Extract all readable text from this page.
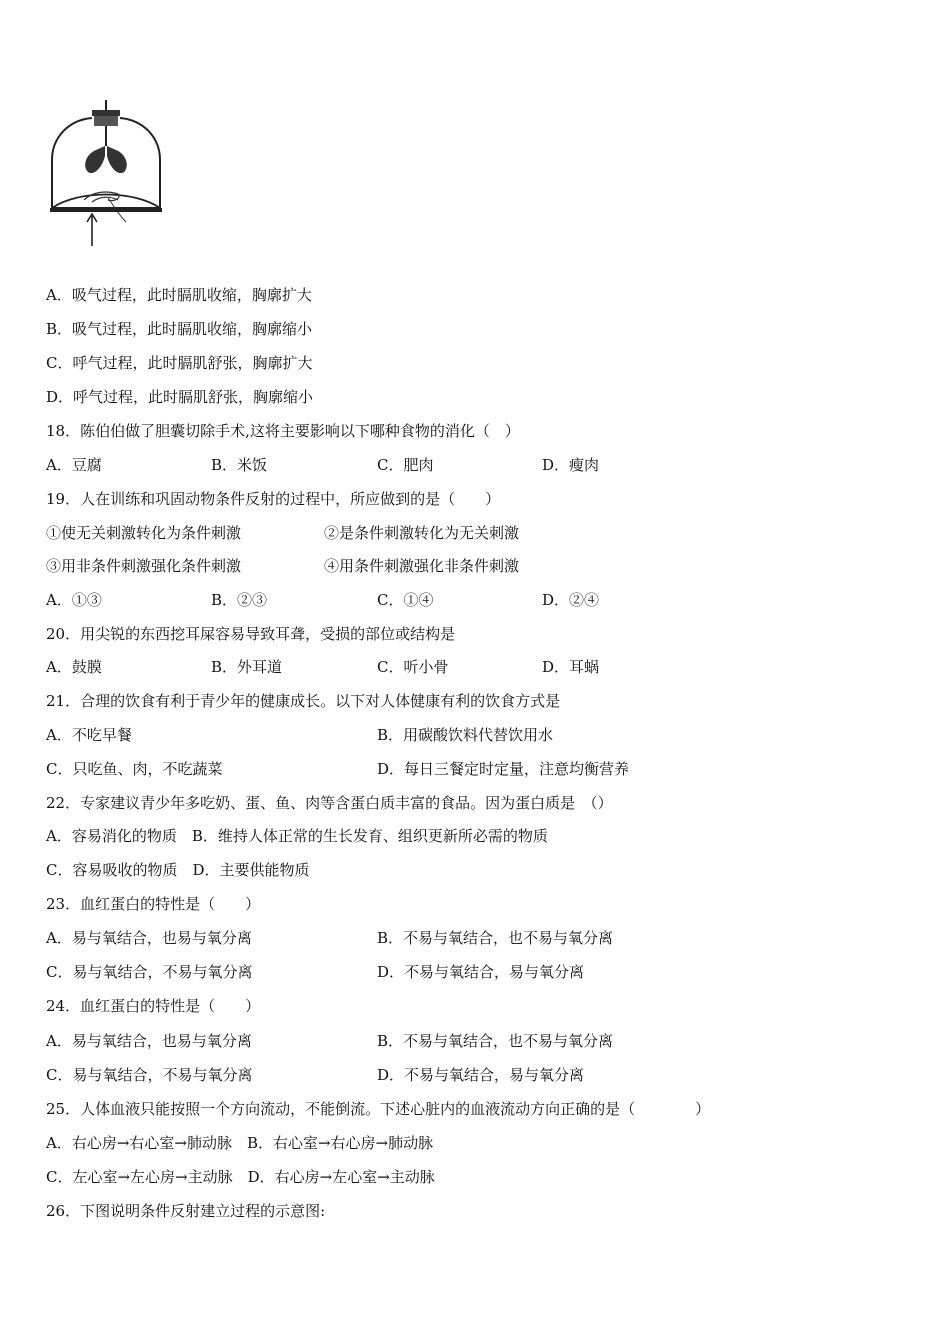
A．吸气过程，此时膈肌收缩，胸廓扩大
B．吸气过程，此时膈肌收缩，胸廓缩小
C．呼气过程，此时膈肌舒张，胸廓扩大
D．呼气过程，此时膈肌舒张，胸廓缩小
18．陈伯伯做了胆囊切除手术,这将主要影响以下哪种食物的消化（　）
A．豆腐	B．米饭	C．肥肉	D．瘦肉
19．人在训练和巩固动物条件反射的过程中，所应做到的是（　　）
①使无关刺激转化为条件刺激	②是条件刺激转化为无关刺激
③用非条件刺激强化条件刺激	④用条件刺激强化非条件刺激
A．①③	B．②③	C．①④	D．②④
20．用尖锐的东西挖耳屎容易导致耳聋，受损的部位或结构是
A．鼓膜	B．外耳道	C．听小骨	D．耳蜗
21．合理的饮食有利于青少年的健康成长。以下对人体健康有利的饮食方式是
A．不吃早餐	B．用碳酸饮料代替饮用水
C．只吃鱼、肉，不吃蔬菜	D．每日三餐定时定量，注意均衡营养
22．专家建议青少年多吃奶、蛋、鱼、肉等含蛋白质丰富的食品。因为蛋白质是　（）
A．容易消化的物质　B．维持人体正常的生长发育、组织更新所必需的物质
C．容易吸收的物质　D．主要供能物质
23．血红蛋白的特性是（　　）
A．易与氧结合，也易与氧分离	B．不易与氧结合，也不易与氧分离
C．易与氧结合，不易与氧分离	D．不易与氧结合，易与氧分离
24．血红蛋白的特性是（　　）
A．易与氧结合，也易与氧分离	B．不易与氧结合，也不易与氧分离
C．易与氧结合，不易与氧分离	D．不易与氧结合，易与氧分离
25．人体血液只能按照一个方向流动，不能倒流。下述心脏内的血液流动方向正确的是（　　　　）
A．右心房→右心室→肺动脉　B．右心室→右心房→肺动脉
C．左心室→左心房→主动脉　D．右心房→左心室→主动脉
26．下图说明条件反射建立过程的示意图:
